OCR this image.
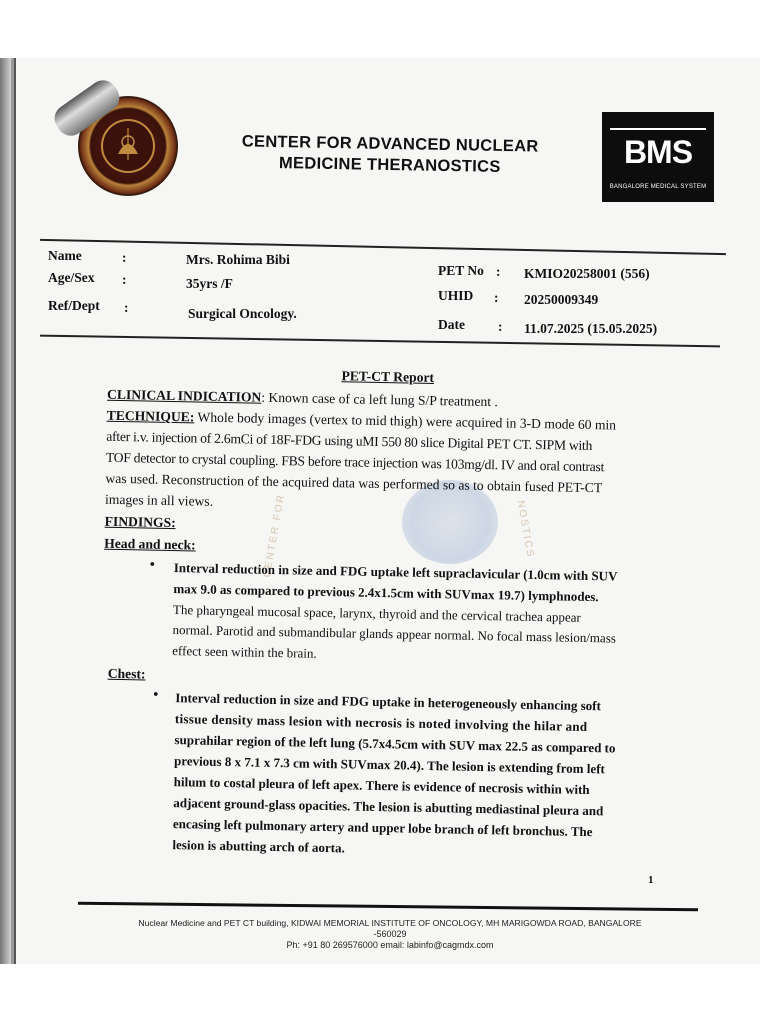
CENTER FOR ADVANCED NUCLEAR
MEDICINE THERANOSTICS	BMS
BANGALORE MEDICAL SYSTEM
Name	:	Mrs. Rohima Bibi
Age/Sex :	35yrs /F
Ref/Dept :	Surgical Oncology.
PET No : KMIO20258001 (556)
UHID : 20250009349
Date : 11.07.2025 (15.05.2025)
CENTER FOR	NOSTICS
PET-CT Report
CLINICAL INDICATION: Known case of ca left lung S/P treatment .
TECHNIQUE: Whole body images (vertex to mid thigh) were acquired in 3-D mode 60 min
after i.v. injection of 2.6mCi of 18F-FDG using uMI 550 80 slice Digital PET CT. SIPM with
TOF detector to crystal coupling. FBS before trace injection was 103mg/dl. IV and oral contrast
was used. Reconstruction of the acquired data was performed so as to obtain fused PET-CT
images in all views.
FINDINGS:
Head and neck:
• Interval reduction in size and FDG uptake left supraclavicular (1.0cm with SUV
max 9.0 as compared to previous 2.4x1.5cm with SUVmax 19.7) lymphnodes.
The pharyngeal mucosal space, larynx, thyroid and the cervical trachea appear
normal. Parotid and submandibular glands appear normal. No focal mass lesion/mass
effect seen within the brain.
Chest:
• Interval reduction in size and FDG uptake in heterogeneously enhancing soft
tissue density mass lesion with necrosis is noted involving the hilar and
suprahilar region of the left lung (5.7x4.5cm with SUV max 22.5 as compared to
previous 8 x 7.1 x 7.3 cm with SUVmax 20.4). The lesion is extending from left
hilum to costal pleura of left apex. There is evidence of necrosis within with
adjacent ground-glass opacities. The lesion is abutting mediastinal pleura and
encasing left pulmonary artery and upper lobe branch of left bronchus. The
lesion is abutting arch of aorta.
1
Nuclear Medicine and PET CT building, KIDWAI MEMORIAL INSTITUTE OF ONCOLOGY, MH MARIGOWDA ROAD, BANGALORE
-560029
Ph: +91 80 269576000 email: labinfo@cagmdx.com
